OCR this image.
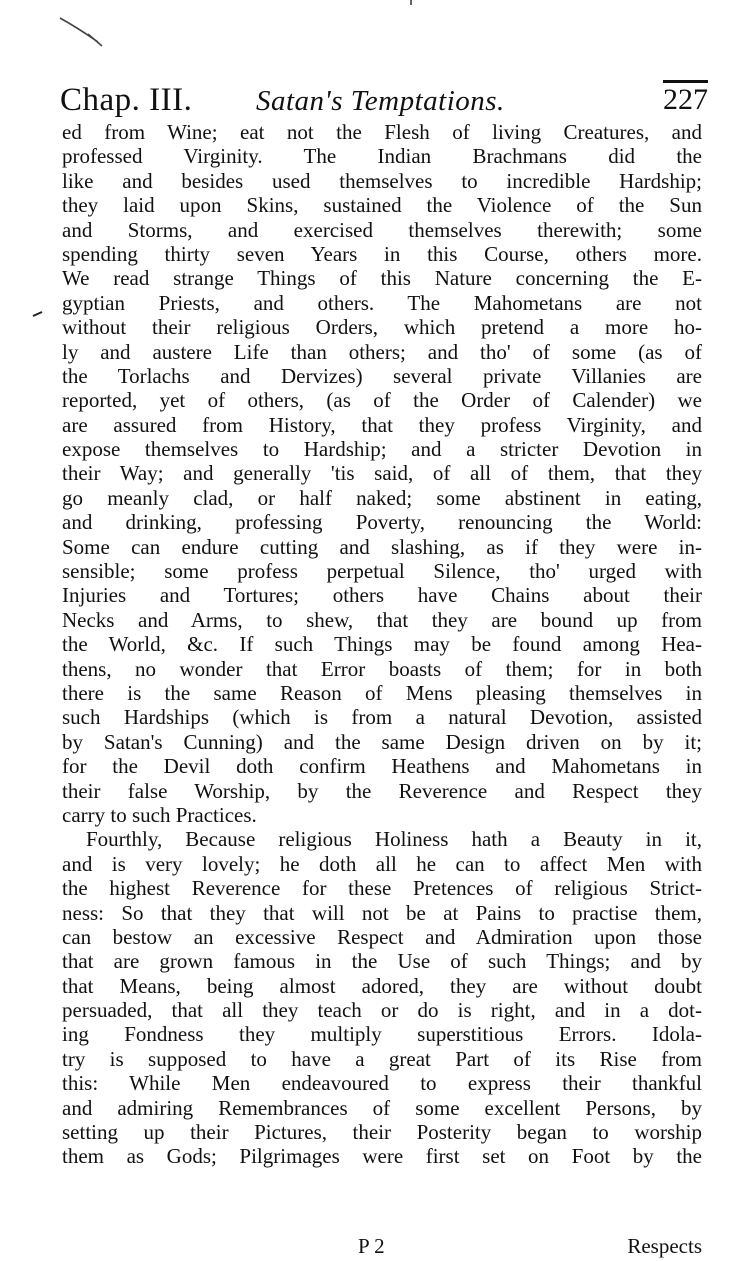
Chap. III. Satan's Temptations.	227
ed from Wine; eat not the Flesh of living Creatures, and
professed Virginity. The Indian Brachmans did the
like and besides used themselves to incredible Hardship;
they laid upon Skins, sustained the Violence of the Sun
and Storms, and exercised themselves therewith; some
spending thirty seven Years in this Course, others more.
We read strange Things of this Nature concerning the E-
gyptian Priests, and others. The Mahometans are not
without their religious Orders, which pretend a more ho-
ly and austere Life than others; and tho' of some (as of
the Torlachs and Dervizes) several private Villanies are
reported, yet of others, (as of the Order of Calender) we
are assured from History, that they profess Virginity, and
expose themselves to Hardship; and a stricter Devotion in
their Way; and generally 'tis said, of all of them, that they
go meanly clad, or half naked; some abstinent in eating,
and drinking, professing Poverty, renouncing the World:
Some can endure cutting and slashing, as if they were in-
sensible; some profess perpetual Silence, tho' urged with
Injuries and Tortures; others have Chains about their
Necks and Arms, to shew, that they are bound up from
the World, &c. If such Things may be found among Hea-
thens, no wonder that Error boasts of them; for in both
there is the same Reason of Mens pleasing themselves in
such Hardships (which is from a natural Devotion, assisted
by Satan's Cunning) and the same Design driven on by it;
for the Devil doth confirm Heathens and Mahometans in
their false Worship, by the Reverence and Respect they
carry to such Practices.
Fourthly, Because religious Holiness hath a Beauty in it,
and is very lovely; he doth all he can to affect Men with
the highest Reverence for these Pretences of religious Strict-
ness: So that they that will not be at Pains to practise them,
can bestow an excessive Respect and Admiration upon those
that are grown famous in the Use of such Things; and by
that Means, being almost adored, they are without doubt
persuaded, that all they teach or do is right, and in a dot-
ing Fondness they multiply superstitious Errors. Idola-
try is supposed to have a great Part of its Rise from
this: While Men endeavoured to express their thankful
and admiring Remembrances of some excellent Persons, by
setting up their Pictures, their Posterity began to worship
them as Gods; Pilgrimages were first set on Foot by the
P 2	Respects
